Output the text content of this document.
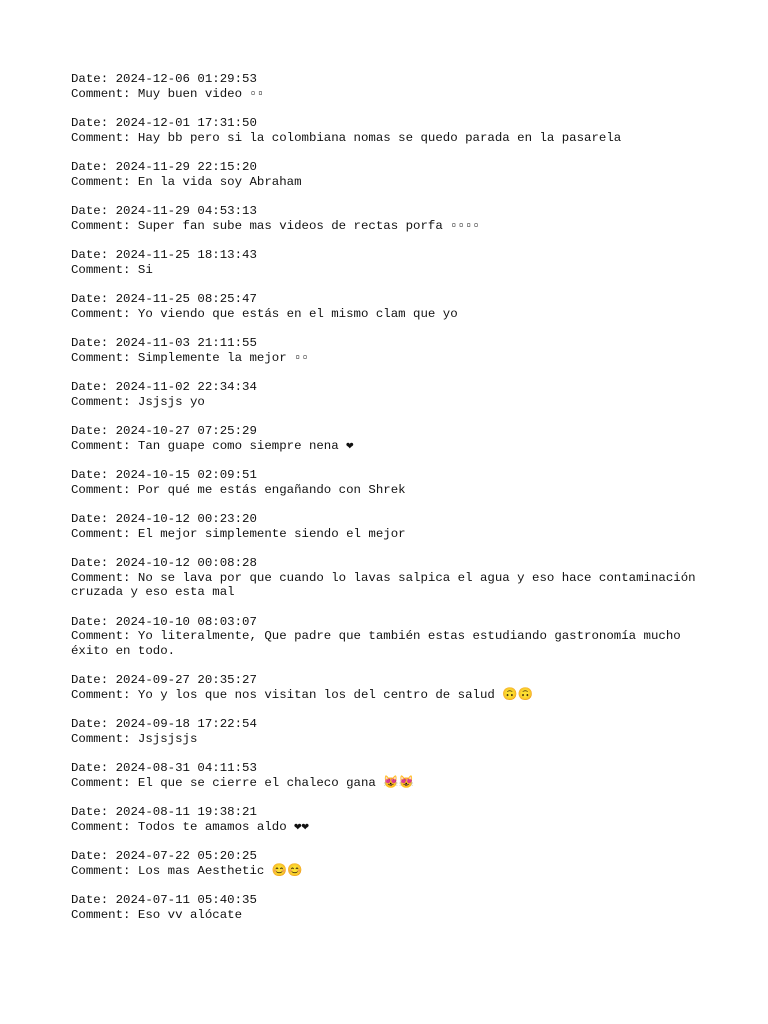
Date: 2024-12-06 01:29:53
Comment: Muy buen video ▫▫
Date: 2024-12-01 17:31:50
Comment: Hay bb pero si la colombiana nomas se quedo parada en la pasarela
Date: 2024-11-29 22:15:20
Comment: En la vida soy Abraham
Date: 2024-11-29 04:53:13
Comment: Super fan sube mas videos de rectas porfa ▫▫▫▫
Date: 2024-11-25 18:13:43
Comment: Si
Date: 2024-11-25 08:25:47
Comment: Yo viendo que estás en el mismo clam que yo
Date: 2024-11-03 21:11:55
Comment: Simplemente la mejor ▫▫
Date: 2024-11-02 22:34:34
Comment: Jsjsjs yo
Date: 2024-10-27 07:25:29
Comment: Tan guape como siempre nena ❤
Date: 2024-10-15 02:09:51
Comment: Por qué me estás engañando con Shrek
Date: 2024-10-12 00:23:20
Comment: El mejor simplemente siendo el mejor
Date: 2024-10-12 00:08:28
Comment: No se lava por que cuando lo lavas salpica el agua y eso hace contaminación cruzada y eso esta mal
Date: 2024-10-10 08:03:07
Comment: Yo literalmente, Que padre que también estas estudiando gastronomía mucho éxito en todo.
Date: 2024-09-27 20:35:27
Comment: Yo y los que nos visitan los del centro de salud 🙃🙃
Date: 2024-09-18 17:22:54
Comment: Jsjsjsjs
Date: 2024-08-31 04:11:53
Comment: El que se cierre el chaleco gana 😻😻
Date: 2024-08-11 19:38:21
Comment: Todos te amamos aldo ❤❤
Date: 2024-07-22 05:20:25
Comment: Los mas Aesthetic 😊😊
Date: 2024-07-11 05:40:35
Comment: Eso vv alócate
